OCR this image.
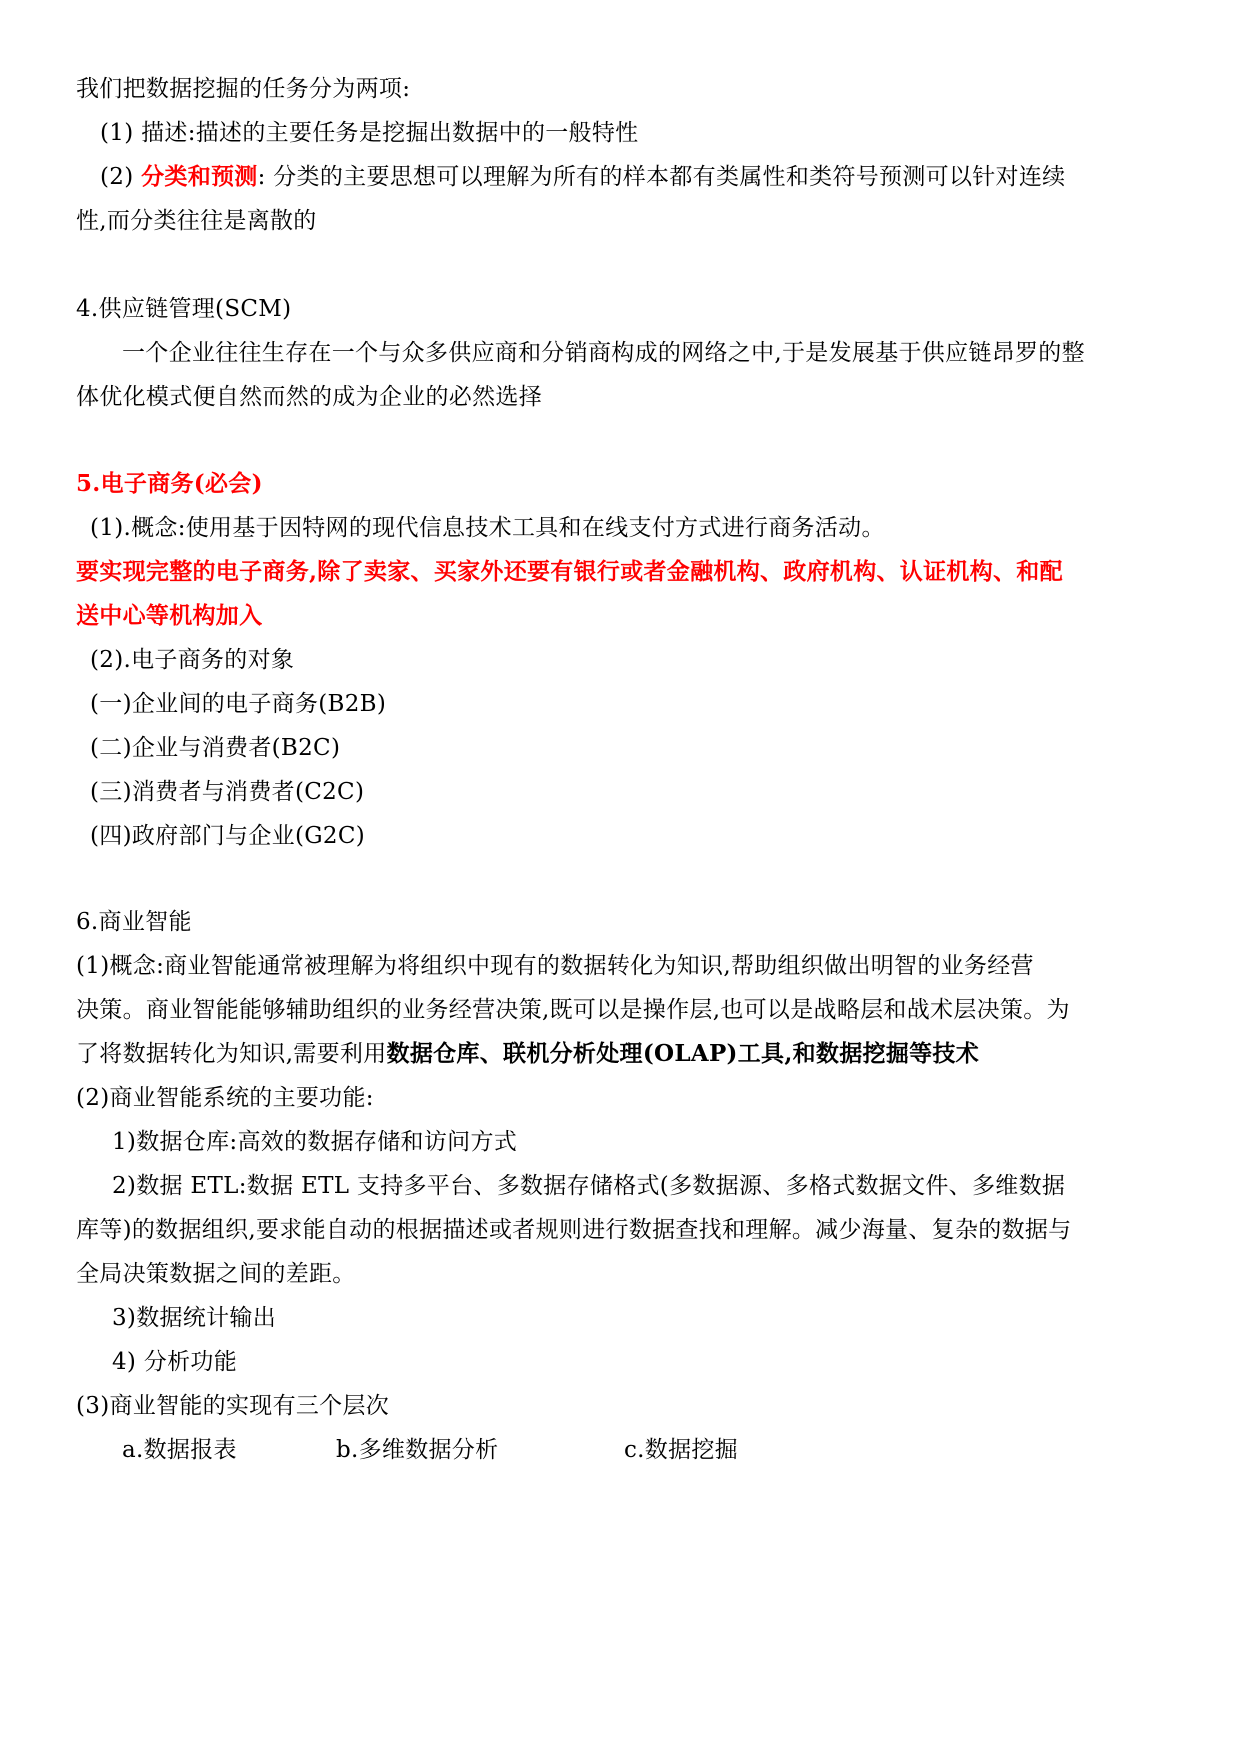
我们把数据挖掘的任务分为两项:
(1) 描述:描述的主要任务是挖掘出数据中的一般特性
(2) 分类和预测: 分类的主要思想可以理解为所有的样本都有类属性和类符号预测可以针对连续
性,而分类往往是离散的
4.供应链管理(SCM)
一个企业往往生存在一个与众多供应商和分销商构成的网络之中,于是发展基于供应链昂罗的整
体优化模式便自然而然的成为企业的必然选择
5.电子商务(必会)
(1).概念:使用基于因特网的现代信息技术工具和在线支付方式进行商务活动。
要实现完整的电子商务,除了卖家、买家外还要有银行或者金融机构、政府机构、认证机构、和配
送中心等机构加入
(2).电子商务的对象
(一)企业间的电子商务(B2B)
(二)企业与消费者(B2C)
(三)消费者与消费者(C2C)
(四)政府部门与企业(G2C)
6.商业智能
(1)概念:商业智能通常被理解为将组织中现有的数据转化为知识,帮助组织做出明智的业务经营
决策。商业智能能够辅助组织的业务经营决策,既可以是操作层,也可以是战略层和战术层决策。为
了将数据转化为知识,需要利用数据仓库、联机分析处理(OLAP)工具,和数据挖掘等技术
(2)商业智能系统的主要功能:
1)数据仓库:高效的数据存储和访问方式
2)数据 ETL:数据 ETL 支持多平台、多数据存储格式(多数据源、多格式数据文件、多维数据
库等)的数据组织,要求能自动的根据描述或者规则进行数据查找和理解。减少海量、复杂的数据与
全局决策数据之间的差距。
3)数据统计输出
4) 分析功能
(3)商业智能的实现有三个层次
a.数据报表	b.多维数据分析	c.数据挖掘
